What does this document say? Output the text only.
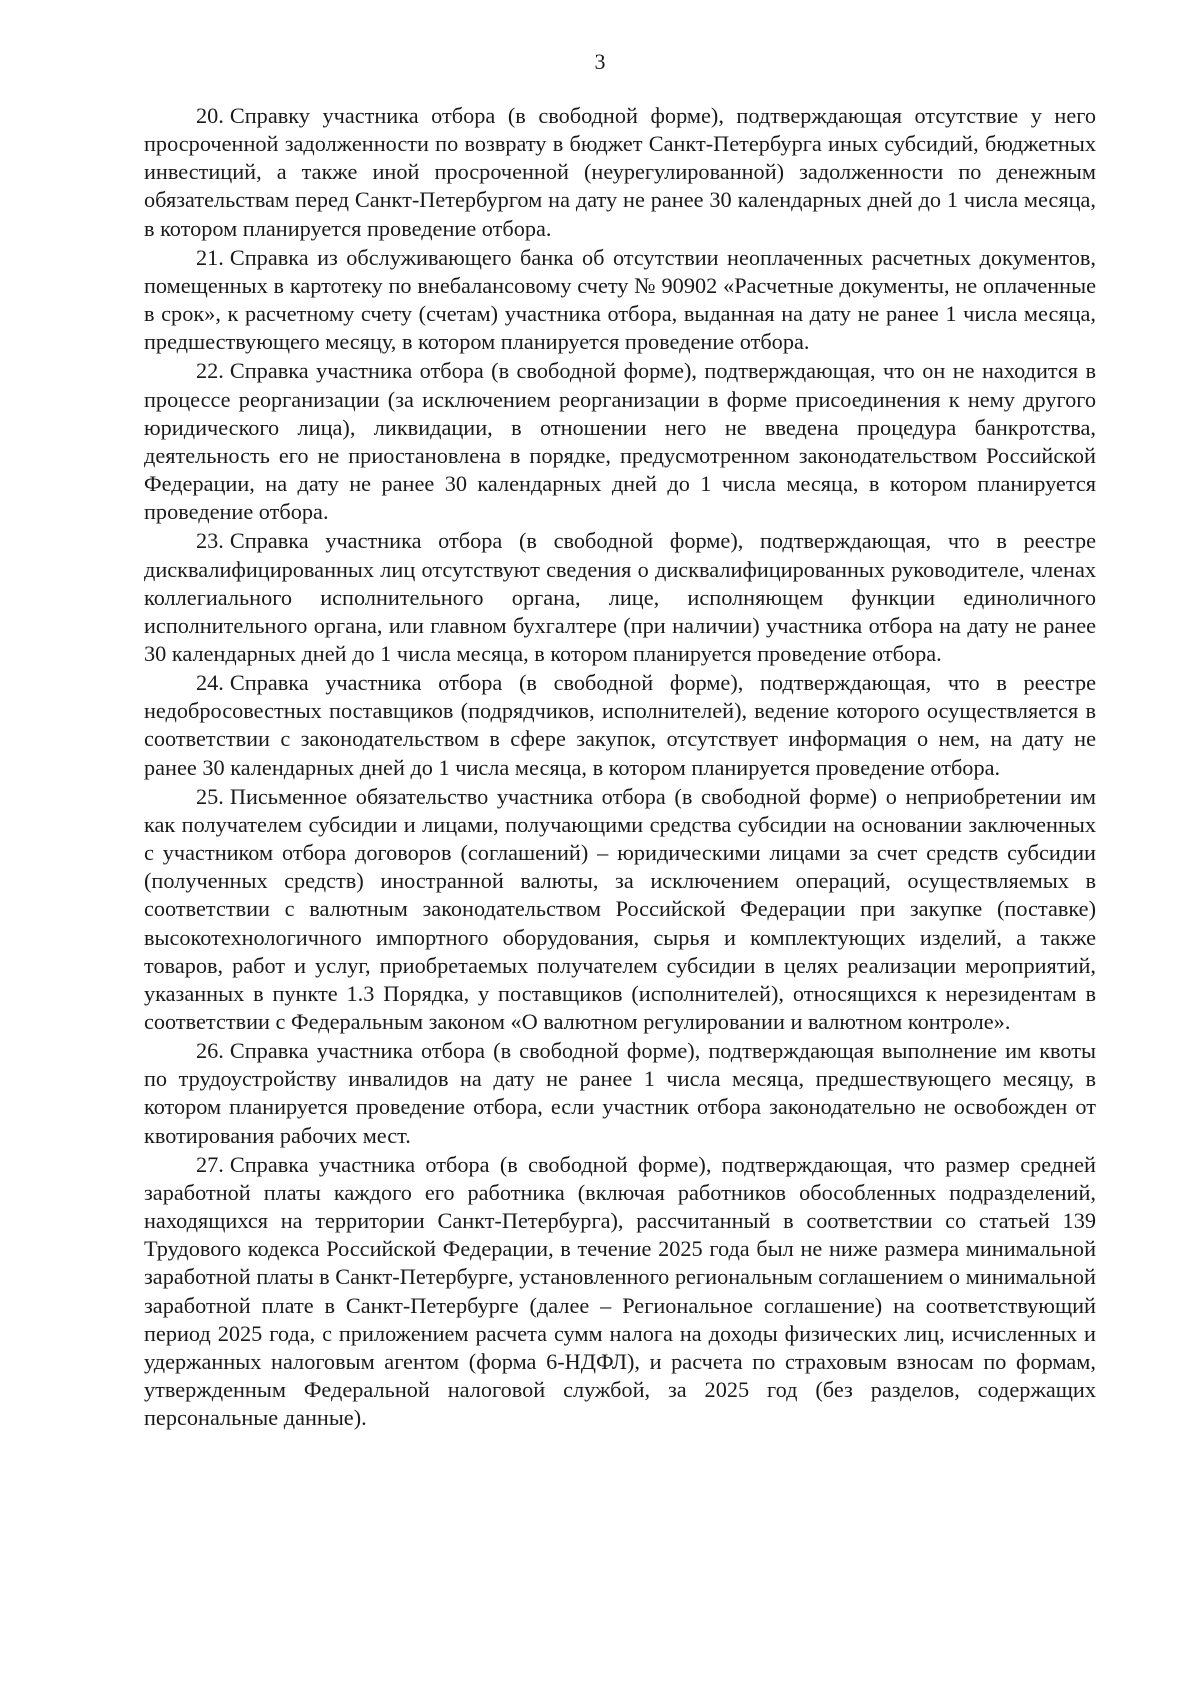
3

20. Справку участника отбора (в свободной форме), подтверждающая отсутствие у него просроченной задолженности по возврату в бюджет Санкт-Петербурга иных субсидий, бюджетных инвестиций, а также иной просроченной (неурегулированной) задолженности по денежным обязательствам перед Санкт-Петербургом на дату не ранее 30 календарных дней до 1 числа месяца, в котором планируется проведение отбора.

21. Справка из обслуживающего банка об отсутствии неоплаченных расчетных документов, помещенных в картотеку по внебалансовому счету № 90902 «Расчетные документы, не оплаченные в срок», к расчетному счету (счетам) участника отбора, выданная на дату не ранее 1 числа месяца, предшествующего месяцу, в котором планируется проведение отбора.

22. Справка участника отбора (в свободной форме), подтверждающая, что он не находится в процессе реорганизации (за исключением реорганизации в форме присоединения к нему другого юридического лица), ликвидации, в отношении него не введена процедура банкротства, деятельность его не приостановлена в порядке, предусмотренном законодательством Российской Федерации, на дату не ранее 30 календарных дней до 1 числа месяца, в котором планируется проведение отбора.

23. Справка участника отбора (в свободной форме), подтверждающая, что в реестре дисквалифицированных лиц отсутствуют сведения о дисквалифицированных руководителе, членах коллегиального исполнительного органа, лице, исполняющем функции единоличного исполнительного органа, или главном бухгалтере (при наличии) участника отбора на дату не ранее 30 календарных дней до 1 числа месяца, в котором планируется проведение отбора.

24. Справка участника отбора (в свободной форме), подтверждающая, что в реестре недобросовестных поставщиков (подрядчиков, исполнителей), ведение которого осуществляется в соответствии с законодательством в сфере закупок, отсутствует информация о нем, на дату не ранее 30 календарных дней до 1 числа месяца, в котором планируется проведение отбора.

25. Письменное обязательство участника отбора (в свободной форме) о неприобретении им как получателем субсидии и лицами, получающими средства субсидии на основании заключенных с участником отбора договоров (соглашений) – юридическими лицами за счет средств субсидии (полученных средств) иностранной валюты, за исключением операций, осуществляемых в соответствии с валютным законодательством Российской Федерации при закупке (поставке) высокотехнологичного импортного оборудования, сырья и комплектующих изделий, а также товаров, работ и услуг, приобретаемых получателем субсидии в целях реализации мероприятий, указанных в пункте 1.3 Порядка, у поставщиков (исполнителей), относящихся к нерезидентам в соответствии с Федеральным законом «О валютном регулировании и валютном контроле».

26. Справка участника отбора (в свободной форме), подтверждающая выполнение им квоты по трудоустройству инвалидов на дату не ранее 1 числа месяца, предшествующего месяцу, в котором планируется проведение отбора, если участник отбора законодательно не освобожден от квотирования рабочих мест.

27. Справка участника отбора (в свободной форме), подтверждающая, что размер средней заработной платы каждого его работника (включая работников обособленных подразделений, находящихся на территории Санкт-Петербурга), рассчитанный в соответствии со статьей 139 Трудового кодекса Российской Федерации, в течение 2025 года был не ниже размера минимальной заработной платы в Санкт-Петербурге, установленного региональным соглашением о минимальной заработной плате в Санкт-Петербурге (далее – Региональное соглашение) на соответствующий период 2025 года, с приложением расчета сумм налога на доходы физических лиц, исчисленных и удержанных налоговым агентом (форма 6-НДФЛ), и расчета по страховым взносам по формам, утвержденным Федеральной налоговой службой, за 2025 год (без разделов, содержащих персональные данные).
